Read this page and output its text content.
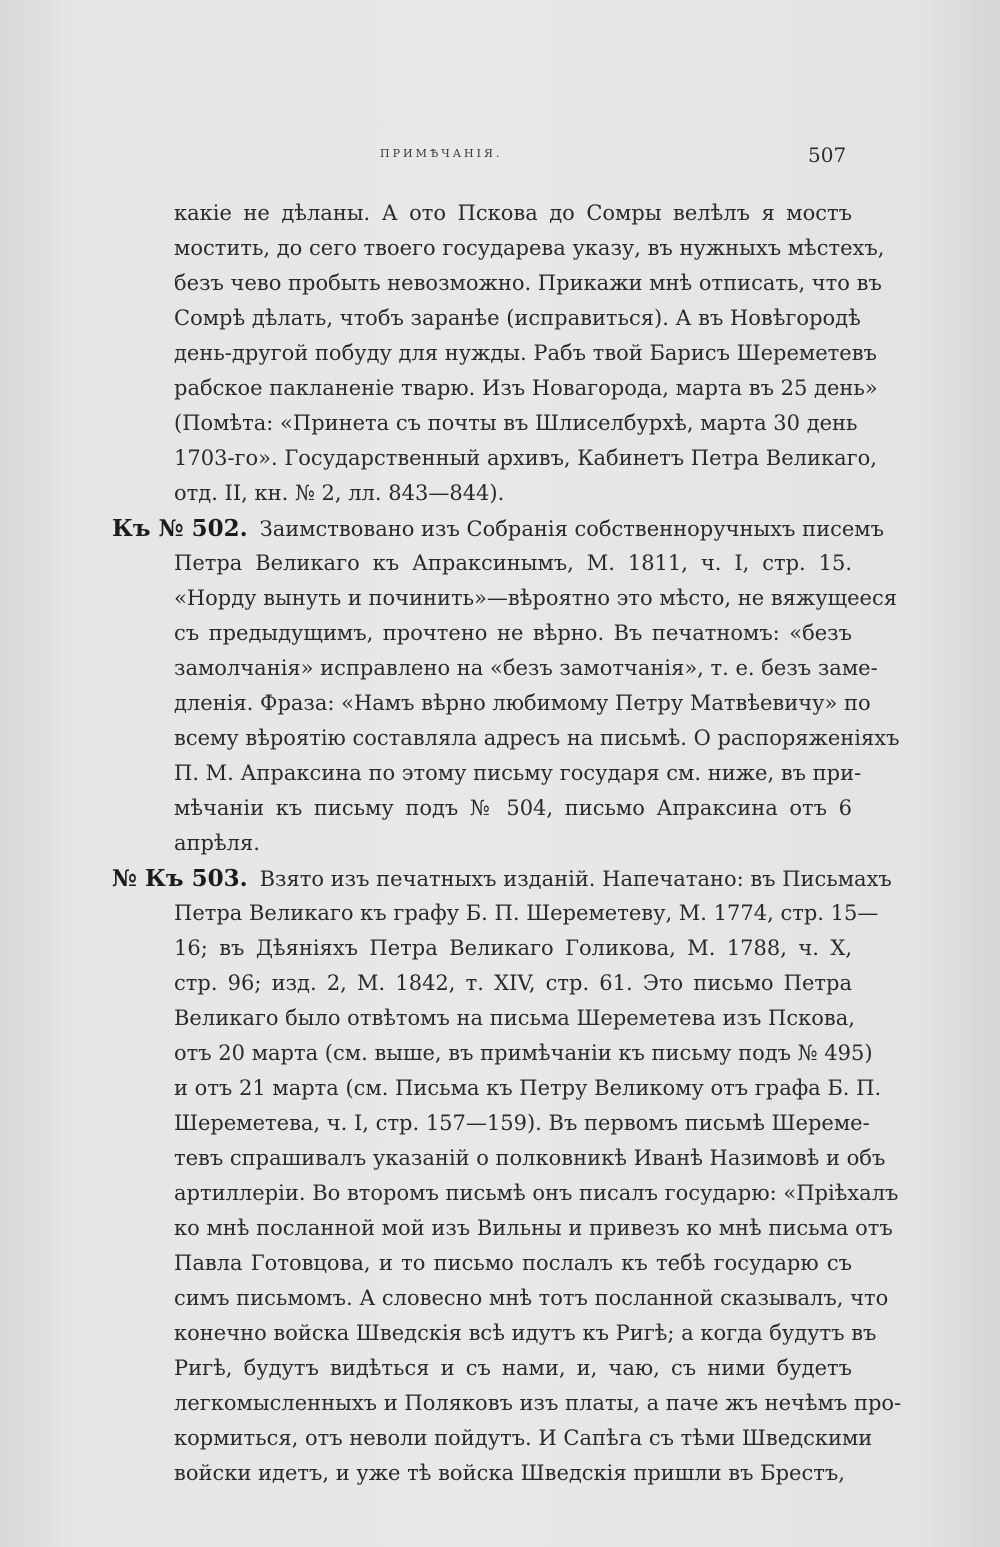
ПРИМѢЧАНІЯ.	507
какіе не дѣланы. А ото Пскова до Сомры велѣлъ я мостъ
мостить, до сего твоего государева указу, въ нужныхъ мѣстехъ,
безъ чево пробыть невозможно. Прикажи мнѣ отписать, что въ
Сомрѣ дѣлать, чтобъ заранѣе (исправиться). А въ Новѣгородѣ
день-другой побуду для нужды. Рабъ твой Барисъ Шереметевъ
рабское пакланеніе тварю. Изъ Новагорода, марта въ 25 день»
(Помѣта: «Принета съ почты въ Шлиселбурхѣ, марта 30 день
1703-го». Государственный архивъ, Кабинетъ Петра Великаго,
отд. II, кн. № 2, лл. 843—844).
Къ № 502. Заимствовано изъ Собранія собственноручныхъ писемъ
Петра Великаго къ Апраксинымъ, М. 1811, ч. I, стр. 15.
«Норду вынуть и починить»—вѣроятно это мѣсто, не вяжущееся
съ предыдущимъ, прочтено не вѣрно. Въ печатномъ: «безъ
замолчанія» исправлено на «безъ замотчанія», т. е. безъ заме-
дленія. Фраза: «Намъ вѣрно любимому Петру Матвѣевичу» по
всему вѣроятію составляла адресъ на письмѣ. О распоряженіяхъ
П. М. Апраксина по этому письму государя см. ниже, въ при-
мѣчаніи къ письму подъ № 504, письмо Апраксина отъ 6
апрѣля.
№ Къ 503. Взято изъ печатныхъ изданій. Напечатано: въ Письмахъ
Петра Великаго къ графу Б. П. Шереметеву, М. 1774, стр. 15—
16; въ Дѣяніяхъ Петра Великаго Голикова, М. 1788, ч. X,
стр. 96; изд. 2, М. 1842, т. XIV, стр. 61. Это письмо Петра
Великаго было отвѣтомъ на письма Шереметева изъ Пскова,
отъ 20 марта (см. выше, въ примѣчаніи къ письму подъ № 495)
и отъ 21 марта (см. Письма къ Петру Великому отъ графа Б. П.
Шереметева, ч. I, стр. 157—159). Въ первомъ письмѣ Шереме-
тевъ спрашивалъ указаній о полковникѣ Иванѣ Назимовѣ и объ
артиллеріи. Во второмъ письмѣ онъ писалъ государю: «Пріѣхалъ
ко мнѣ посланной мой изъ Вильны и привезъ ко мнѣ письма отъ
Павла Готовцова, и то письмо послалъ къ тебѣ государю съ
симъ письмомъ. А словесно мнѣ тотъ посланной сказывалъ, что
конечно войска Шведскія всѣ идутъ къ Ригѣ; а когда будутъ въ
Ригѣ, будутъ видѣться и съ нами, и, чаю, съ ними будетъ
легкомысленныхъ и Поляковъ изъ платы, а паче жъ нечѣмъ про-
кормиться, отъ неволи пойдутъ. И Сапѣга съ тѣми Шведскими
войски идетъ, и уже тѣ войска Шведскія пришли въ Брестъ,
